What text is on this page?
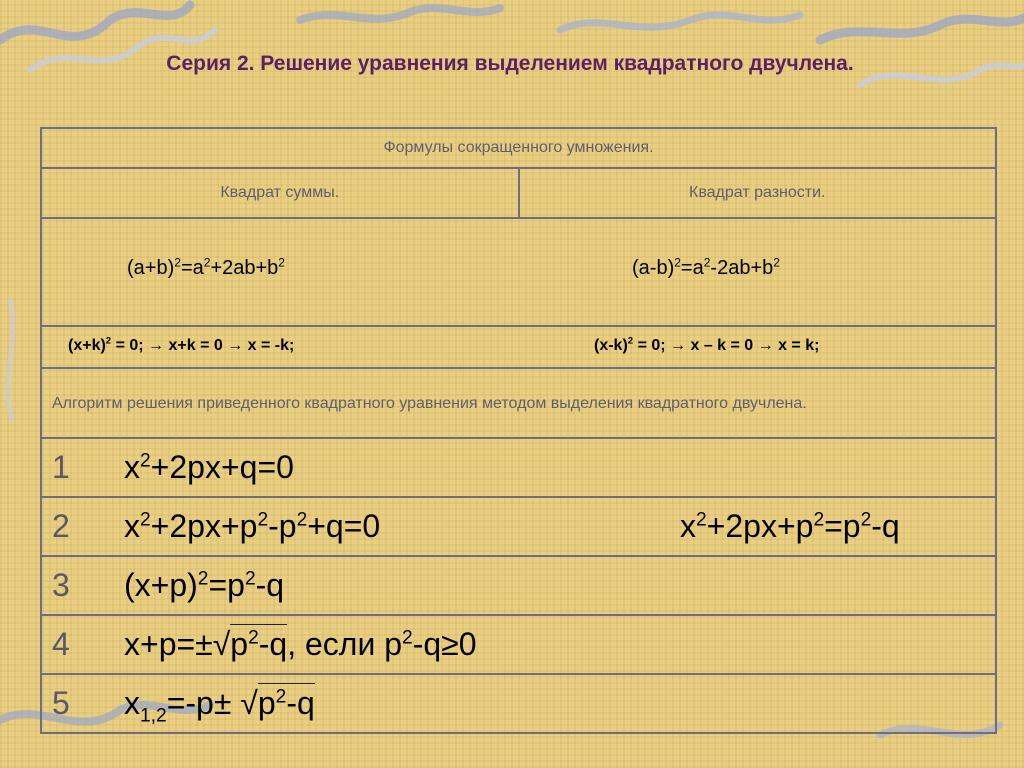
Серия 2. Решение уравнения выделением квадратного двучлена.
Формулы сокращенного умножения.
Квадрат суммы.	Квадрат разности.

$(a+b)^2=a^2+2ab+b^2$	$(a-b)^2=a^2-2ab+b^2$

$(x+k)^2 = 0$; → x+k = 0 → x = -k;	$(x-k)^2 = 0$; → x – k = 0 → x = k;

Алгоритм решения приведенного квадратного уравнения методом выделения квадратного двучлена.

1 $x^2+2px+q=0$

2 $x^2+2px+p^2-p^2+q=0$	$x^2+2px+p^2=p^2-q$

3 $(x+p)^2=p^2-q$

4 $x+p=\pm√p^2-q$, если $p^2-q\ge 0$

5 $x_{1,2}=-p\pm √p^2-q$
